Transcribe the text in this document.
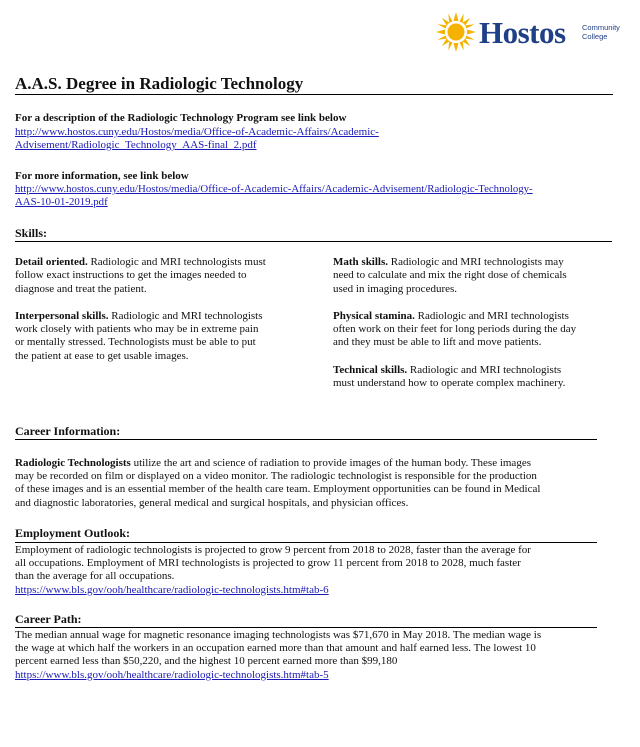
Hostos Community
College
A.A.S. Degree in Radiologic Technology
For a description of the Radiologic Technology Program see link below
http://www.hostos.cuny.edu/Hostos/media/Office-of-Academic-Affairs/Academic-
Advisement/Radiologic_Technology_AAS-final_2.pdf
For more information, see link below
http://www.hostos.cuny.edu/Hostos/media/Office-of-Academic-Affairs/Academic-Advisement/Radiologic-Technology-
AAS-10-01-2019.pdf
Skills:

Detail oriented. Radiologic and MRI technologists must
follow exact instructions to get the images needed to
diagnose and treat the patient.

Interpersonal skills. Radiologic and MRI technologists
work closely with patients who may be in extreme pain
or mentally stressed. Technologists must be able to put
the patient at ease to get usable images.

Math skills. Radiologic and MRI technologists may
need to calculate and mix the right dose of chemicals
used in imaging procedures.

Physical stamina. Radiologic and MRI technologists
often work on their feet for long periods during the day
and they must be able to lift and move patients.

Technical skills. Radiologic and MRI technologists
must understand how to operate complex machinery.

Career Information:
Radiologic Technologists utilize the art and science of radiation to provide images of the human body. These images
may be recorded on film or displayed on a video monitor. The radiologic technologist is responsible for the production
of these images and is an essential member of the health care team. Employment opportunities can be found in Medical
and diagnostic laboratories, general medical and surgical hospitals, and physician offices.
Employment Outlook:
Employment of radiologic technologists is projected to grow 9 percent from 2018 to 2028, faster than the average for
all occupations. Employment of MRI technologists is projected to grow 11 percent from 2018 to 2028, much faster
than the average for all occupations.
https://www.bls.gov/ooh/healthcare/radiologic-technologists.htm#tab-6
Career Path:
The median annual wage for magnetic resonance imaging technologists was $71,670 in May 2018. The median wage is
the wage at which half the workers in an occupation earned more than that amount and half earned less. The lowest 10
percent earned less than $50,220, and the highest 10 percent earned more than $99,180
https://www.bls.gov/ooh/healthcare/radiologic-technologists.htm#tab-5
